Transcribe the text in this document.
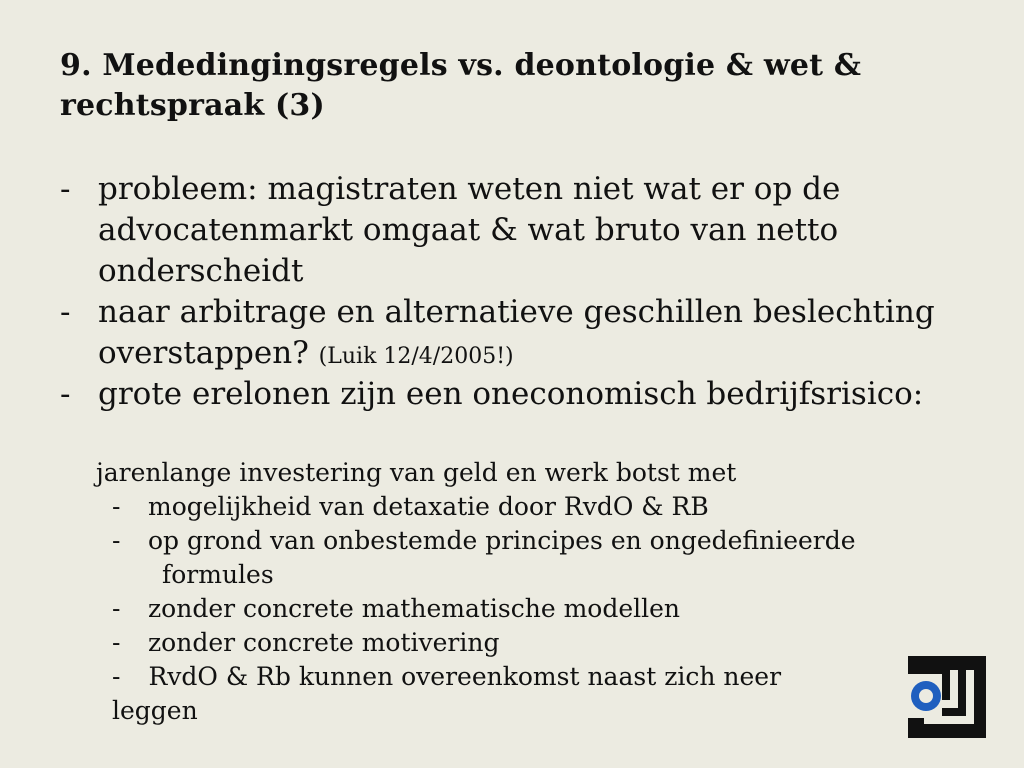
9. Mededingingsregels vs. deontologie & wet & rechtspraak (3)
- probleem: magistraten weten niet wat er op de advocatenmarkt omgaat & wat bruto van netto onderscheidt
- naar arbitrage en alternatieve geschillen beslechting overstappen? (Luik 12/4/2005!)
- grote erelonen zijn een oneconomisch bedrijfsrisico:
jarenlange investering van geld en werk botst met
- mogelijkheid van detaxatie door RvdO & RB
- op grond van onbestemde principes en ongedefinieerde
formules
- zonder concrete mathematische modellen
- zonder concrete motivering
- RvdO & Rb kunnen overeenkomst naast zich neer leggen
